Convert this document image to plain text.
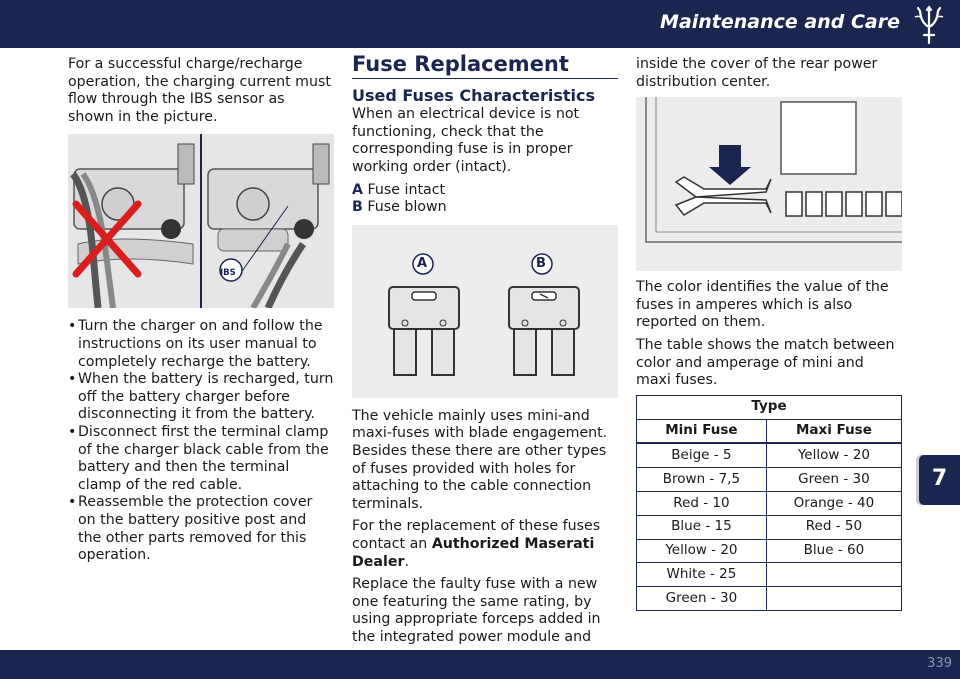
Maintenance and Care
7

For a successful charge/recharge operation, the charging current must flow through the IBS sensor as shown in the picture.

IBS
• Turn the charger on and follow the instructions on its user manual to completely recharge the battery.
• When the battery is recharged, turn off the battery charger before disconnecting it from the battery.
• Disconnect first the terminal clamp of the charger black cable from the battery and then the terminal clamp of the red cable.
• Reassemble the protection cover on the battery positive post and the other parts removed for this operation.
Fuse Replacement
Used Fuses Characteristics

When an electrical device is not functioning, check that the corresponding fuse is in proper working order (intact).

A Fuse intact

B Fuse blown

A	B

The vehicle mainly uses mini-and maxi-fuses with blade engagement. Besides these there are other types of fuses provided with holes for attaching to the cable connection terminals.

For the replacement of these fuses contact an Authorized Maserati Dealer.

Replace the faulty fuse with a new one featuring the same rating, by using appropriate forceps added in the integrated power module and

inside the cover of the rear power distribution center.

The color identifies the value of the fuses in amperes which is also reported on them.

The table shows the match between color and amperage of mini and maxi fuses.

Type	
Mini Fuse	Maxi Fuse
Beige - 5	Yellow - 20
Brown - 7,5	Green - 30
Red - 10	Orange - 40
Blue - 15	Red - 50
Yellow - 20	Blue - 60
White - 25	
Green - 30	
339
